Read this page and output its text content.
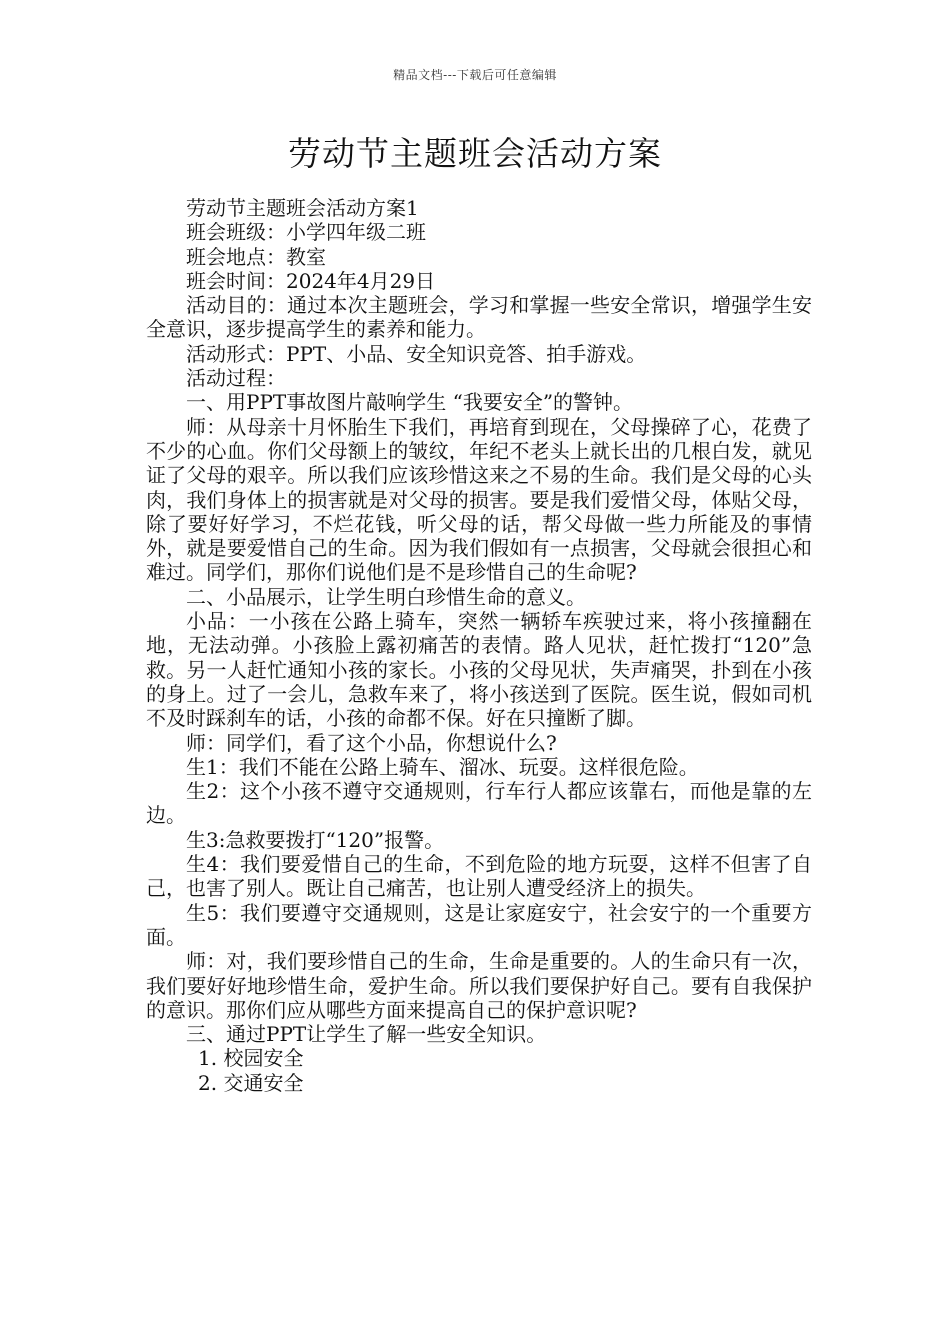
精品文档---下载后可任意编辑
劳动节主题班会活动方案

劳动节主题班会活动方案1

班会班级：小学四年级二班

班会地点：教室

班会时间：2024年4月29日

活动目的：通过本次主题班会，学习和掌握一些安全常识，增强学生安全意识，逐步提高学生的素养和能力。

活动形式：PPT、小品、安全知识竞答、拍手游戏。

活动过程：

一、用PPT事故图片敲响学生 “我要安全”的警钟。

师：从母亲十月怀胎生下我们，再培育到现在，父母操碎了心，花费了不少的心血。你们父母额上的皱纹，年纪不老头上就长出的几根白发，就见证了父母的艰辛。所以我们应该珍惜这来之不易的生命。我们是父母的心头肉，我们身体上的损害就是对父母的损害。要是我们爱惜父母，体贴父母，除了要好好学习，不烂花钱，听父母的话，帮父母做一些力所能及的事情外，就是要爱惜自己的生命。因为我们假如有一点损害，父母就会很担心和难过。同学们，那你们说他们是不是珍惜自己的生命呢?

二、小品展示，让学生明白珍惜生命的意义。

小品：一小孩在公路上骑车，突然一辆轿车疾驶过来，将小孩撞翻在地，无法动弹。小孩脸上露初痛苦的表情。路人见状，赶忙拨打“120”急救。另一人赶忙通知小孩的家长。小孩的父母见状，失声痛哭，扑到在小孩的身上。过了一会儿，急救车来了，将小孩送到了医院。医生说，假如司机不及时踩刹车的话，小孩的命都不保。好在只撞断了脚。

师：同学们，看了这个小品，你想说什么?

生1：我们不能在公路上骑车、溜冰、玩耍。这样很危险。

生2：这个小孩不遵守交通规则，行车行人都应该靠右，而他是靠的左边。

生3:急救要拨打“120”报警。

生4：我们要爱惜自己的生命，不到危险的地方玩耍，这样不但害了自己，也害了别人。既让自己痛苦，也让别人遭受经济上的损失。

生5：我们要遵守交通规则，这是让家庭安宁，社会安宁的一个重要方面。

师：对，我们要珍惜自己的生命，生命是重要的。人的生命只有一次，我们要好好地珍惜生命，爱护生命。所以我们要保护好自己。要有自我保护的意识。那你们应从哪些方面来提高自己的保护意识呢?

三、通过PPT让学生了解一些安全知识。

1. 校园安全

2. 交通安全
